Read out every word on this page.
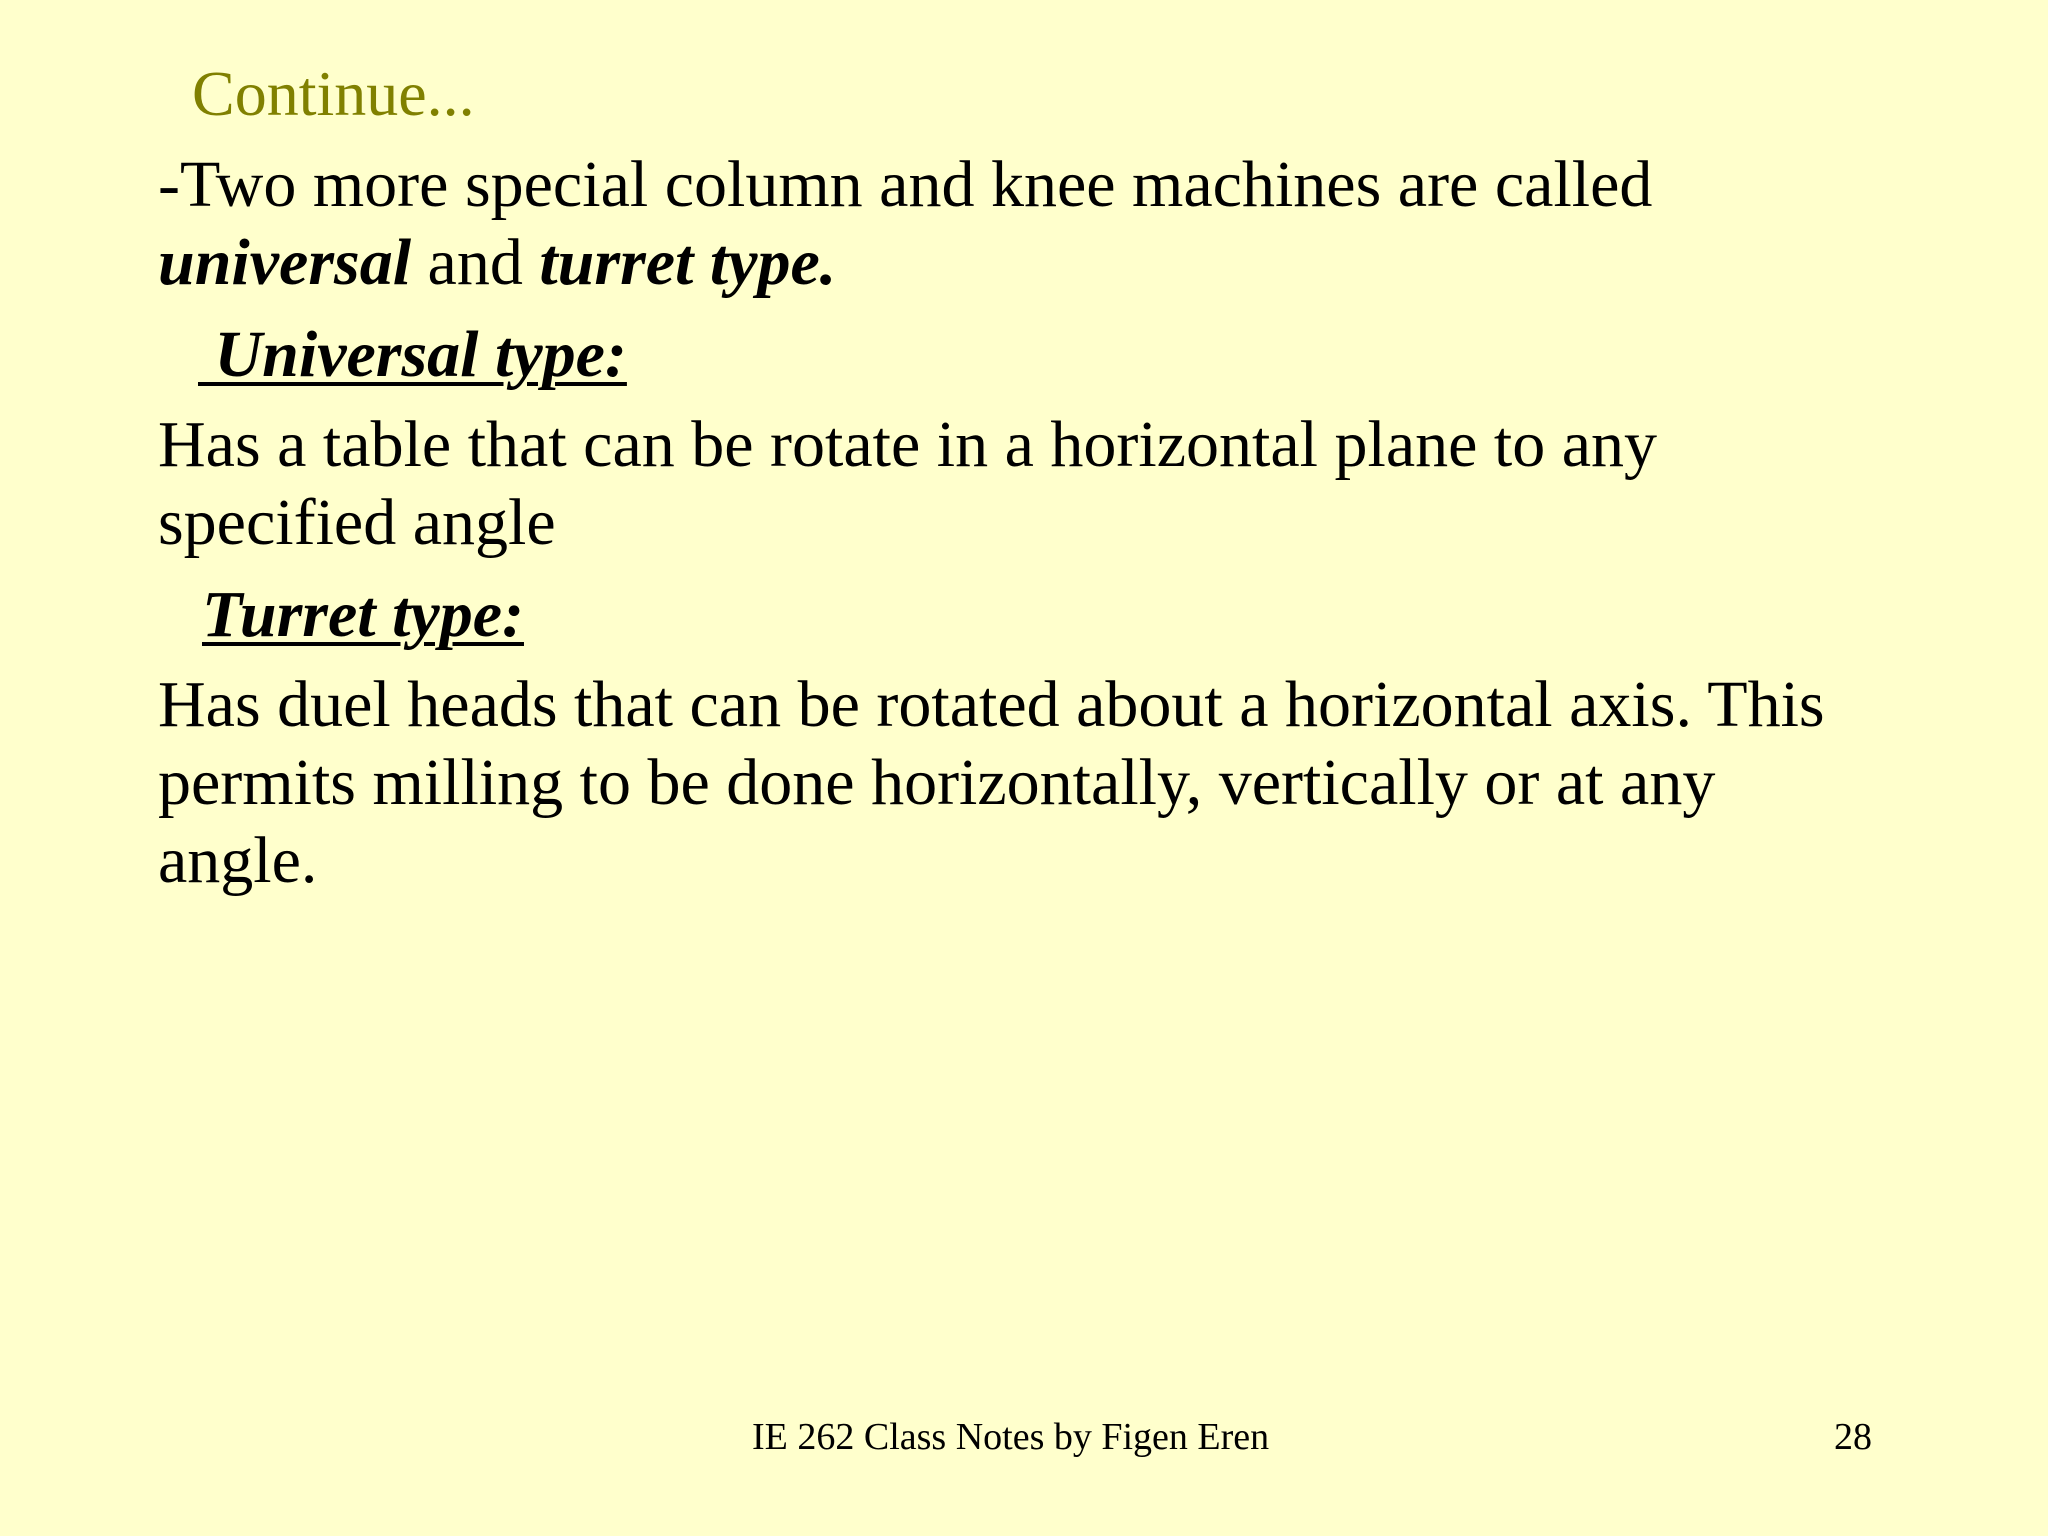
Continue...
-Two more special column and knee machines are called
universal and turret type.
Universal type:
Has a table that can be rotate in a horizontal plane to any
specified angle
Turret type:
Has duel heads that can be rotated about a horizontal axis. This
permits milling to be done horizontally, vertically or at any
angle.
IE 262 Class Notes by Figen Eren	28
